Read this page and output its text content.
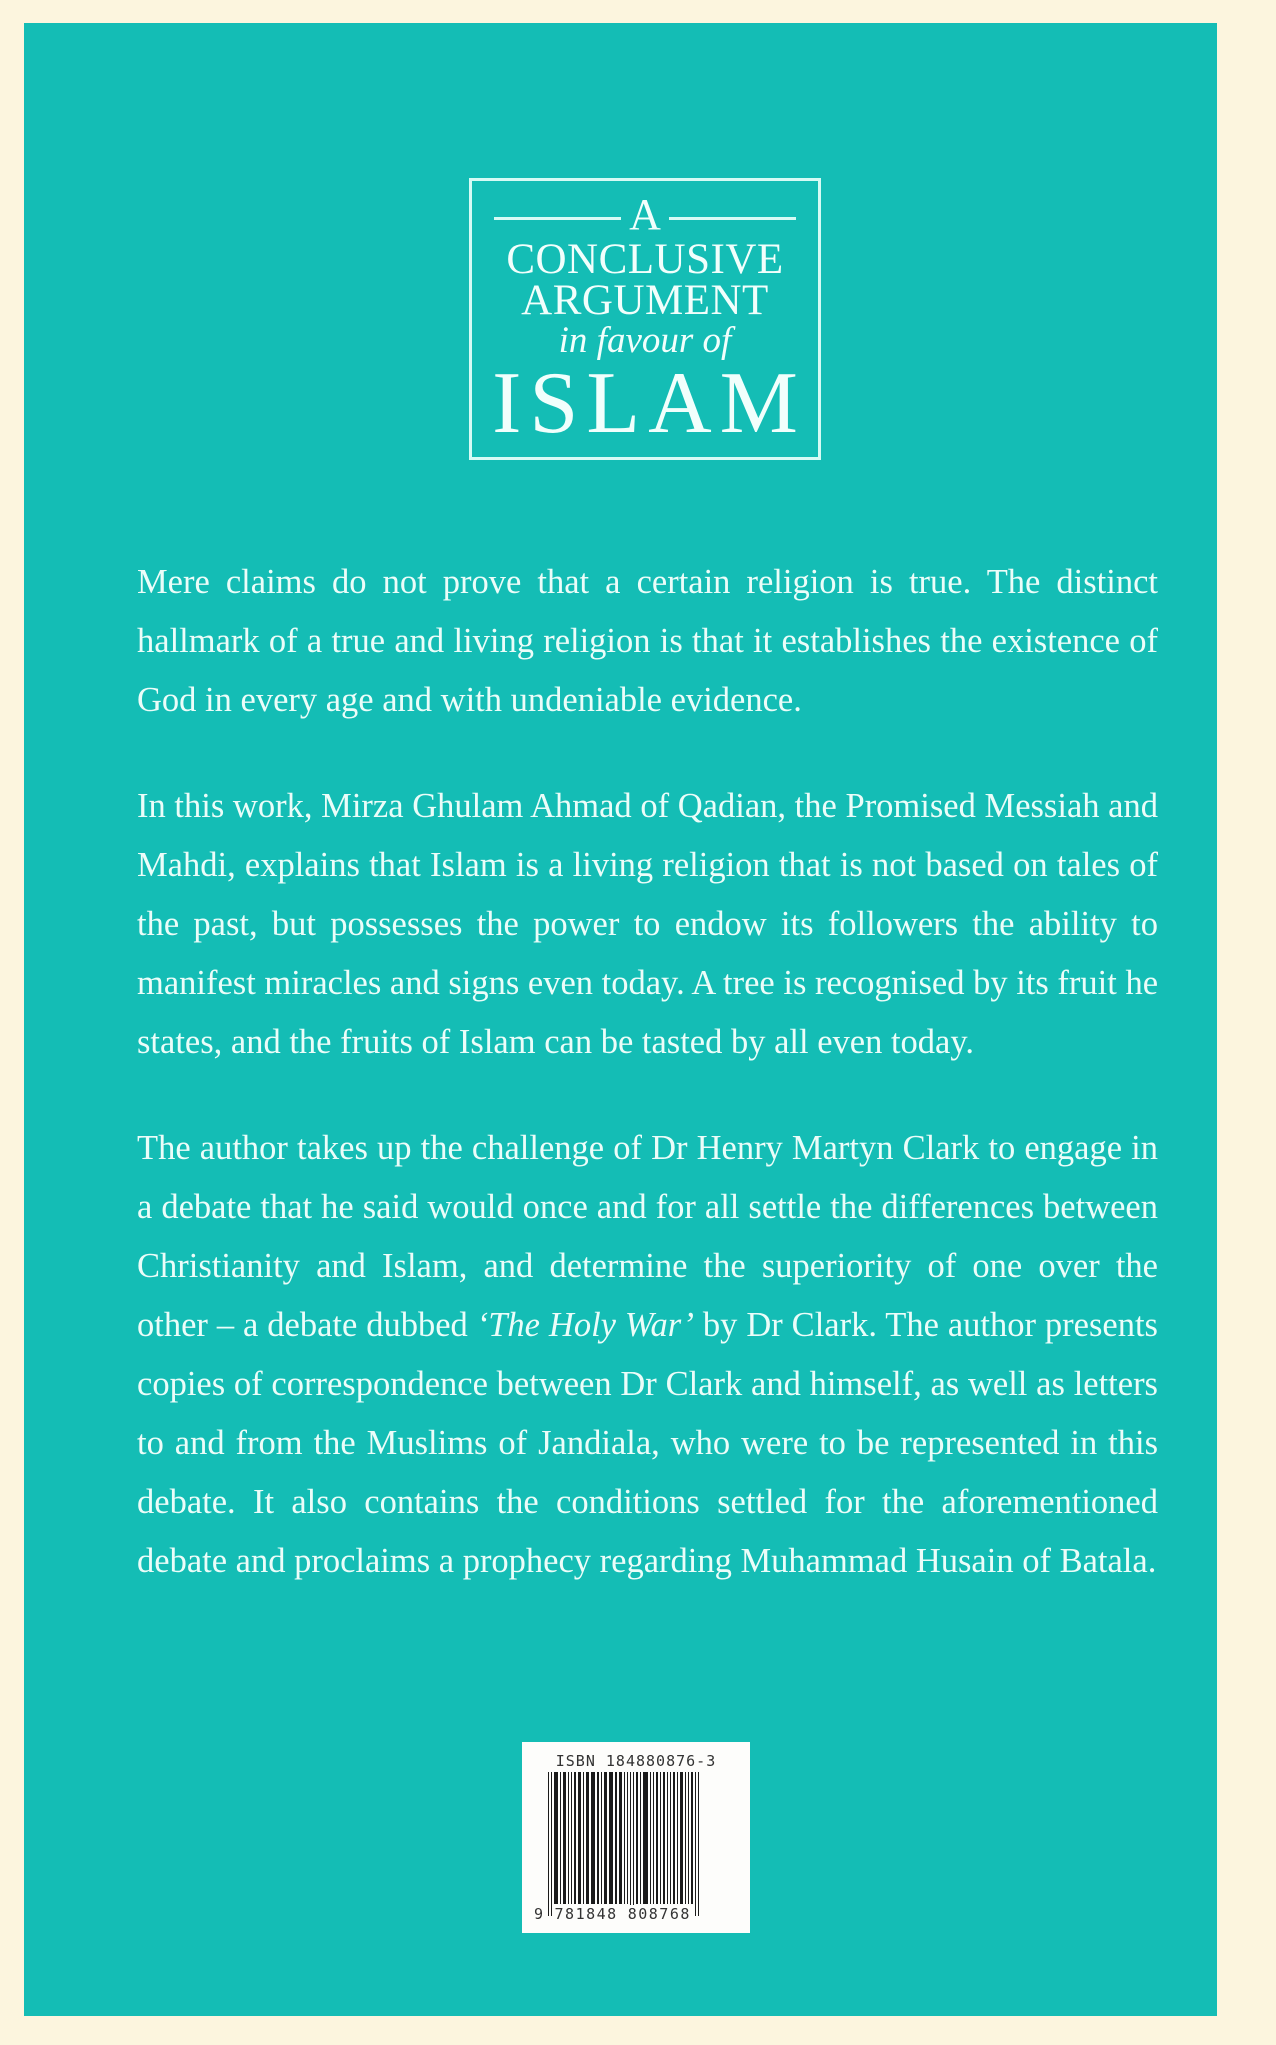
A
CONCLUSIVE
ARGUMENT
in favour of
ISLAM

Mere claims do not prove that a certain religion is true. The distinct hallmark of a true and living religion is that it establishes the existence of God in every age and with undeniable evidence.

In this work, Mirza Ghulam Ahmad of Qadian, the Promised Messiah and Mahdi, explains that Islam is a living religion that is not based on tales of the past, but possesses the power to endow its followers the ability to manifest miracles and signs even today. A tree is recognised by its fruit he states, and the fruits of Islam can be tasted by all even today.

The author takes up the challenge of Dr Henry Martyn Clark to engage in a debate that he said would once and for all settle the differences between Christianity and Islam, and determine the superiority of one over the other – a debate dubbed ‘The Holy War’ by Dr Clark. The author presents copies of correspondence between Dr Clark and himself, as well as letters to and from the Muslims of Jandiala, who were to be represented in this debate. It also contains the conditions settled for the aforementioned debate and proclaims a prophecy regarding Muhammad Husain of Batala.

ISBN 184880876-3
9 781848 808768
